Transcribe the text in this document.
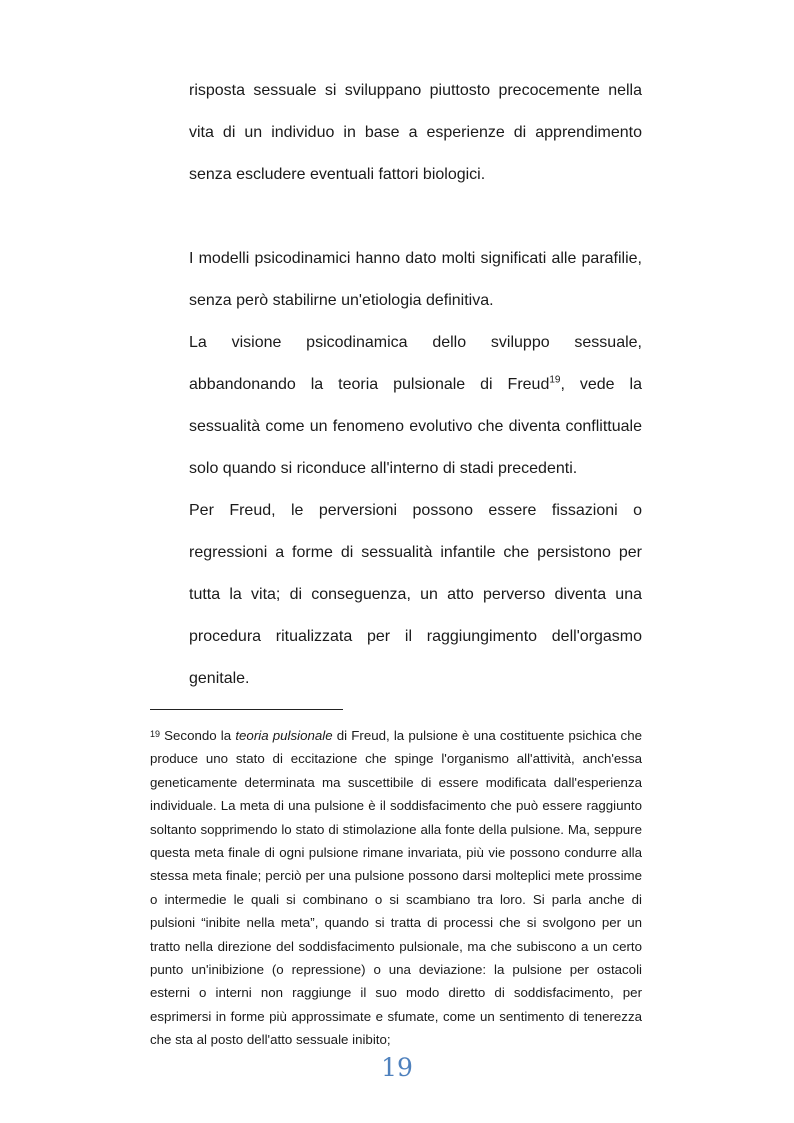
risposta sessuale si sviluppano piuttosto precocemente nella vita di un individuo in base a esperienze di apprendimento senza escludere eventuali fattori biologici.

I modelli psicodinamici hanno dato molti significati alle parafilie, senza però stabilirne un'etiologia definitiva.

La visione psicodinamica dello sviluppo sessuale, abbandonando la teoria pulsionale di Freud$^{19}$, vede la sessualità come un fenomeno evolutivo che diventa conflittuale solo quando si riconduce all'interno di stadi precedenti.

Per Freud, le perversioni possono essere fissazioni o regressioni a forme di sessualità infantile che persistono per tutta la vita; di conseguenza, un atto perverso diventa una procedura ritualizzata per il raggiungimento dell'orgasmo genitale.

$^{19}$ Secondo la teoria pulsionale di Freud, la pulsione è una costituente psichica che produce uno stato di eccitazione che spinge l'organismo all'attività, anch'essa geneticamente determinata ma suscettibile di essere modificata dall'esperienza individuale. La meta di una pulsione è il soddisfacimento che può essere raggiunto soltanto sopprimendo lo stato di stimolazione alla fonte della pulsione. Ma, seppure questa meta finale di ogni pulsione rimane invariata, più vie possono condurre alla stessa meta finale; perciò per una pulsione possono darsi molteplici mete prossime o intermedie le quali si combinano o si scambiano tra loro. Si parla anche di pulsioni “inibite nella meta”, quando si tratta di processi che si svolgono per un tratto nella direzione del soddisfacimento pulsionale, ma che subiscono a un certo punto un'inibizione (o repressione) o una deviazione: la pulsione per ostacoli esterni o interni non raggiunge il suo modo diretto di soddisfacimento, per esprimersi in forme più approssimate e sfumate, come un sentimento di tenerezza che sta al posto dell'atto sessuale inibito;

19
